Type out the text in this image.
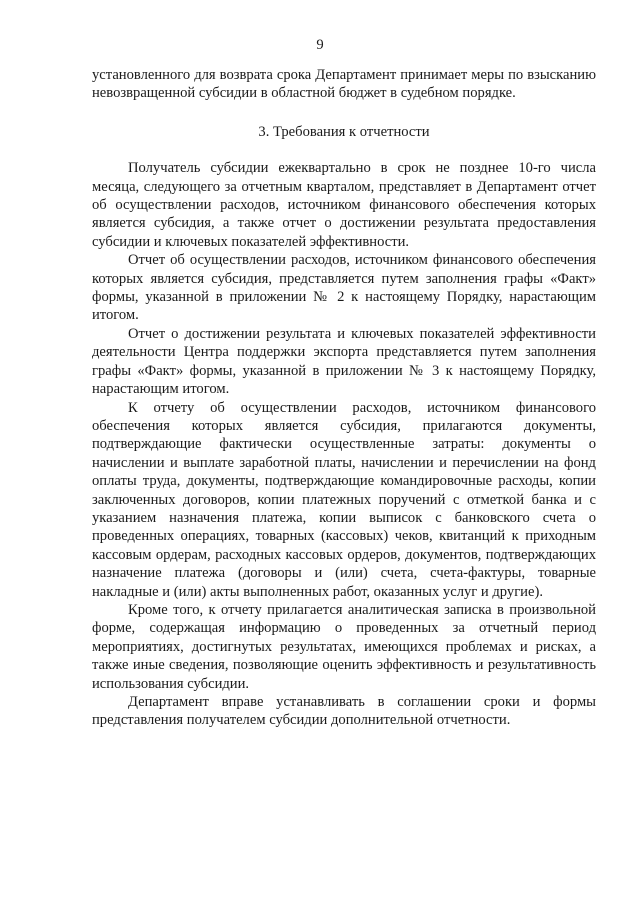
9

установленного для возврата срока Департамент принимает меры по взысканию невозвращенной субсидии в областной бюджет в судебном порядке.

3. Требования к отчетности

Получатель субсидии ежеквартально в срок не позднее 10-го числа месяца, следующего за отчетным кварталом, представляет в Департамент отчет об осуществлении расходов, источником финансового обеспечения которых является субсидия, а также отчет о достижении результата предоставления субсидии и ключевых показателей эффективности.

Отчет об осуществлении расходов, источником финансового обеспечения которых является субсидия, представляется путем заполнения графы «Факт» формы, указанной в приложении № 2 к настоящему Порядку, нарастающим итогом.

Отчет о достижении результата и ключевых показателей эффективности деятельности Центра поддержки экспорта представляется путем заполнения графы «Факт» формы, указанной в приложении № 3 к настоящему Порядку, нарастающим итогом.

К отчету об осуществлении расходов, источником финансового обеспечения которых является субсидия, прилагаются документы, подтверждающие фактически осуществленные затраты: документы о начислении и выплате заработной платы, начислении и перечислении на фонд оплаты труда, документы, подтверждающие командировочные расходы, копии заключенных договоров, копии платежных поручений с отметкой банка и с указанием назначения платежа, копии выписок с банковского счета о проведенных операциях, товарных (кассовых) чеков, квитанций к приходным кассовым ордерам, расходных кассовых ордеров, документов, подтверждающих назначение платежа (договоры и (или) счета, счета-фактуры, товарные накладные и (или) акты выполненных работ, оказанных услуг и другие).

Кроме того, к отчету прилагается аналитическая записка в произвольной форме, содержащая информацию о проведенных за отчетный период мероприятиях, достигнутых результатах, имеющихся проблемах и рисках, а также иные сведения, позволяющие оценить эффективность и результативность использования субсидии.

Департамент вправе устанавливать в соглашении сроки и формы представления получателем субсидии дополнительной отчетности.
